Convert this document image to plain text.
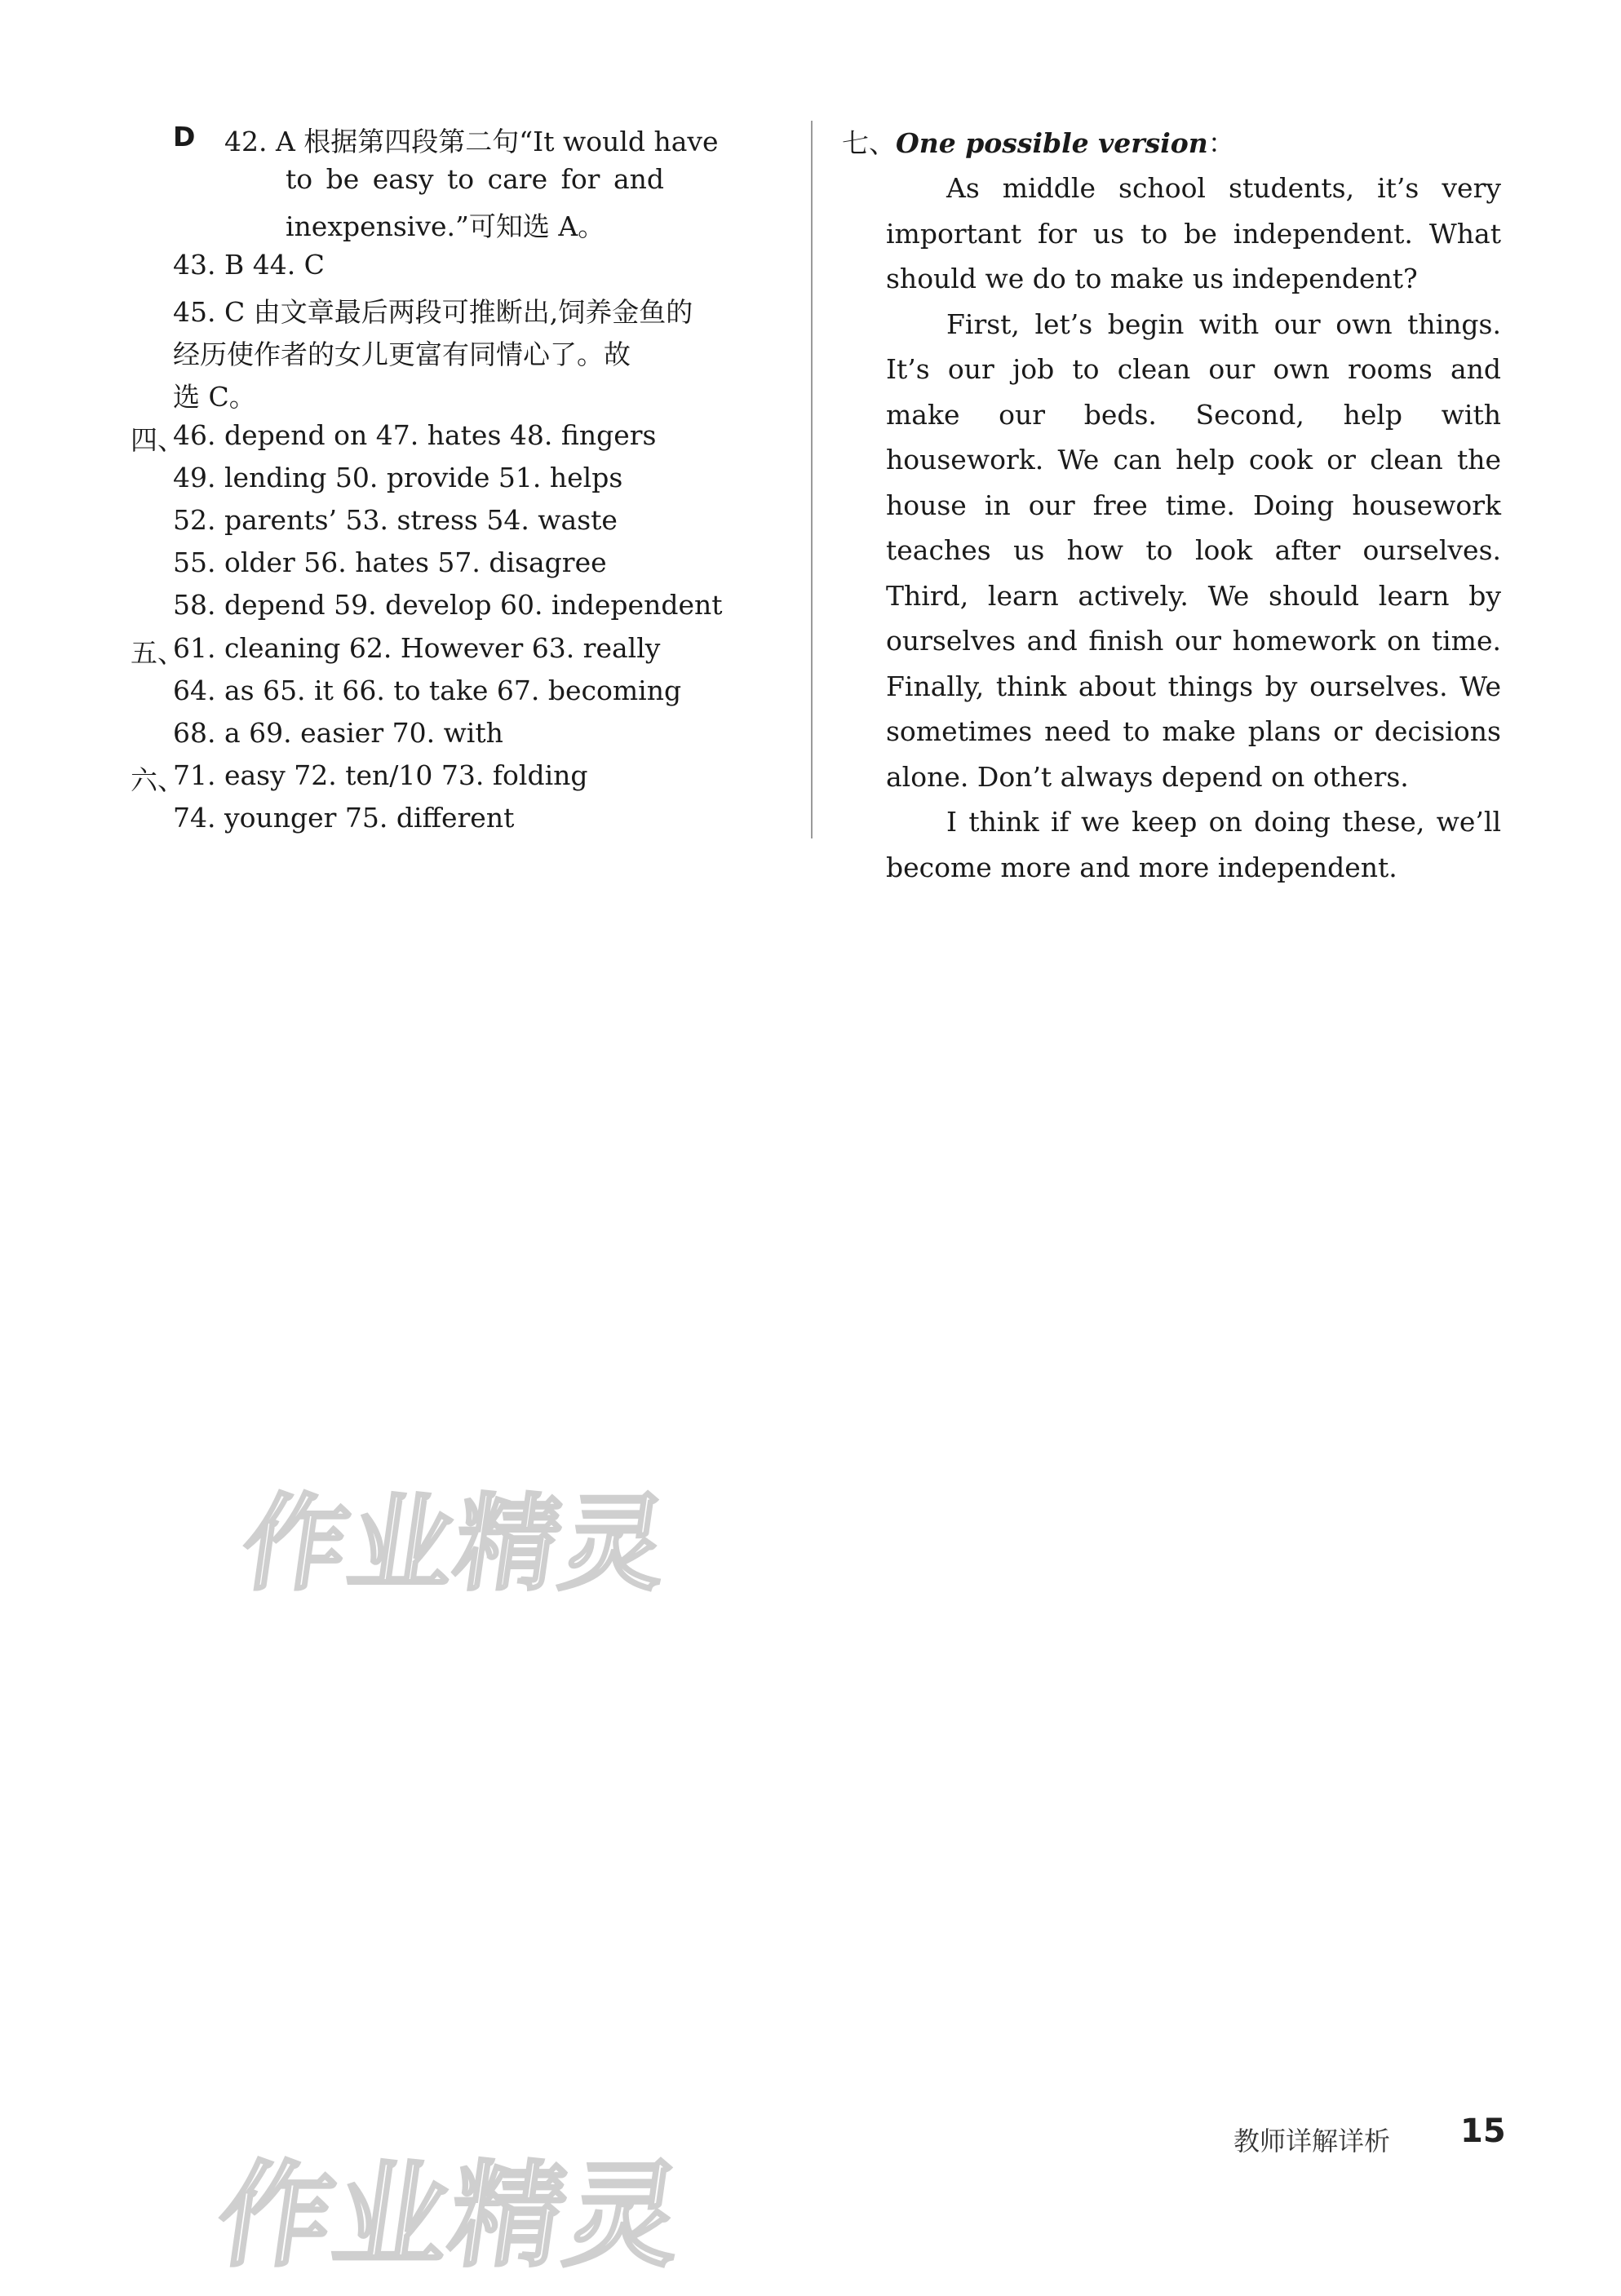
D 42. A 根据第四段第二句“It would have
to be easy to care for and
inexpensive.”可知选 A。
43. B 44. C
45. C 由文章最后两段可推断出,饲养金鱼的
经历使作者的女儿更富有同情心了。故
选 C。
四、
46. depend on 47. hates 48. fingers
49. lending 50. provide 51. helps
52. parents’ 53. stress 54. waste
55. older 56. hates 57. disagree
58. depend 59. develop 60. independent
五、
61. cleaning 62. However 63. really
64. as 65. it 66. to take 67. becoming
68. a 69. easier 70. with
六、
71. easy 72. ten/10 73. folding
74. younger 75. different
七、One possible version：

As middle school students, it’s very important for us to be independent. What should we do to make us independent?

First, let’s begin with our own things. It’s our job to clean our own rooms and make our beds. Second, help with housework. We can help cook or clean the house in our free time. Doing housework teaches us how to look after ourselves. Third, learn actively. We should learn by ourselves and finish our homework on time. Finally, think about things by ourselves. We sometimes need to make plans or decisions alone. Don’t always depend on others.

I think if we keep on doing these, we’ll become more and more independent.

作业精灵
作业精灵
教师详解详析 15
